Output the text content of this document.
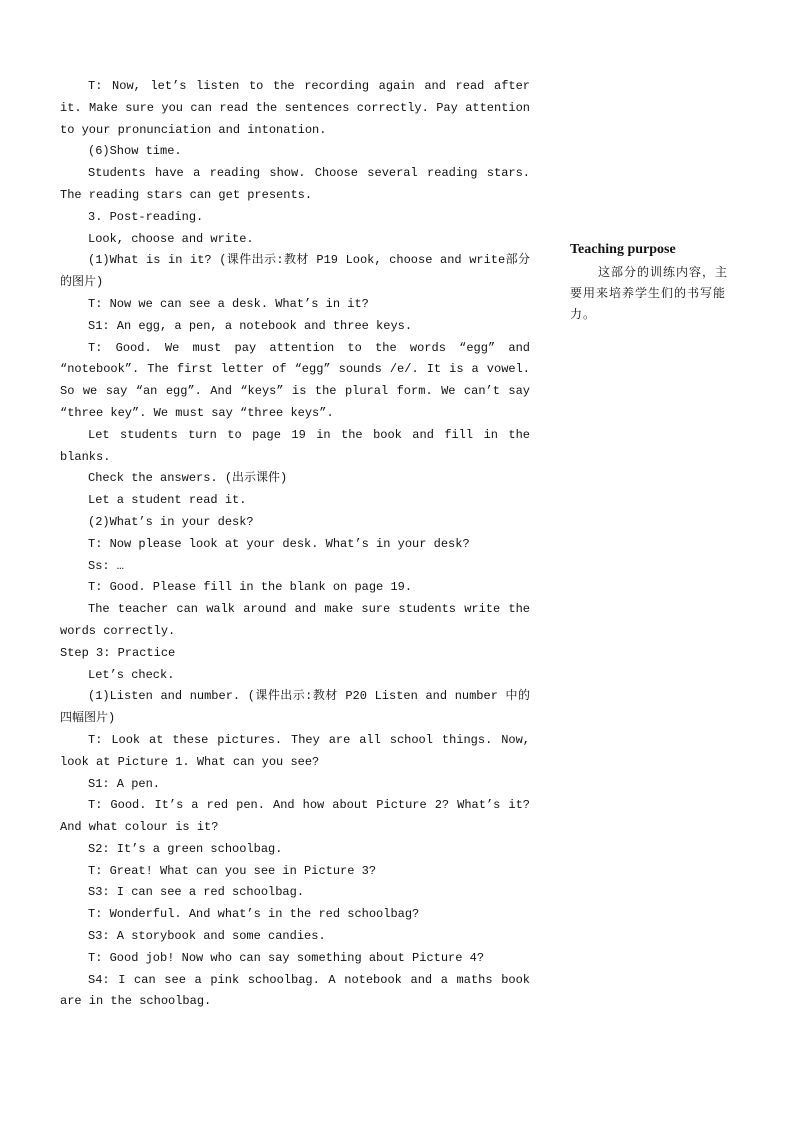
T: Now, let’s listen to the recording again and read after it. Make sure you can read the sentences correctly. Pay attention to your pronunciation and intonation.

(6)Show time.

Students have a reading show. Choose several reading stars. The reading stars can get presents.

3. Post-reading.

Look, choose and write.

(1)What is in it? (课件出示:教材 P19 Look, choose and write部分的图片)

T: Now we can see a desk. What’s in it?

S1: An egg, a pen, a notebook and three keys.

T: Good. We must pay attention to the words “egg” and “notebook”. The first letter of “egg” sounds /e/. It is a vowel. So we say “an egg”. And “keys” is the plural form. We can’t say “three key”. We must say “three keys”.

Let students turn to page 19 in the book and fill in the blanks.

Check the answers. (出示课件)

Let a student read it.

(2)What’s in your desk?

T: Now please look at your desk. What’s in your desk?

Ss: …

T: Good. Please fill in the blank on page 19.

The teacher can walk around and make sure students write the words correctly.

Step 3: Practice

Let’s check.

(1)Listen and number. (课件出示:教材 P20 Listen and number 中的四幅图片)

T: Look at these pictures. They are all school things. Now, look at Picture 1. What can you see?

S1: A pen.

T: Good. It’s a red pen. And how about Picture 2? What’s it? And what colour is it?

S2: It’s a green schoolbag.

T: Great! What can you see in Picture 3?

S3: I can see a red schoolbag.

T: Wonderful. And what’s in the red schoolbag?

S3: A storybook and some candies.

T: Good job! Now who can say something about Picture 4?

S4: I can see a pink schoolbag. A notebook and a maths book are in the schoolbag.

Teaching purpose

这部分的训练内容，主要用来培养学生们的书写能力。
